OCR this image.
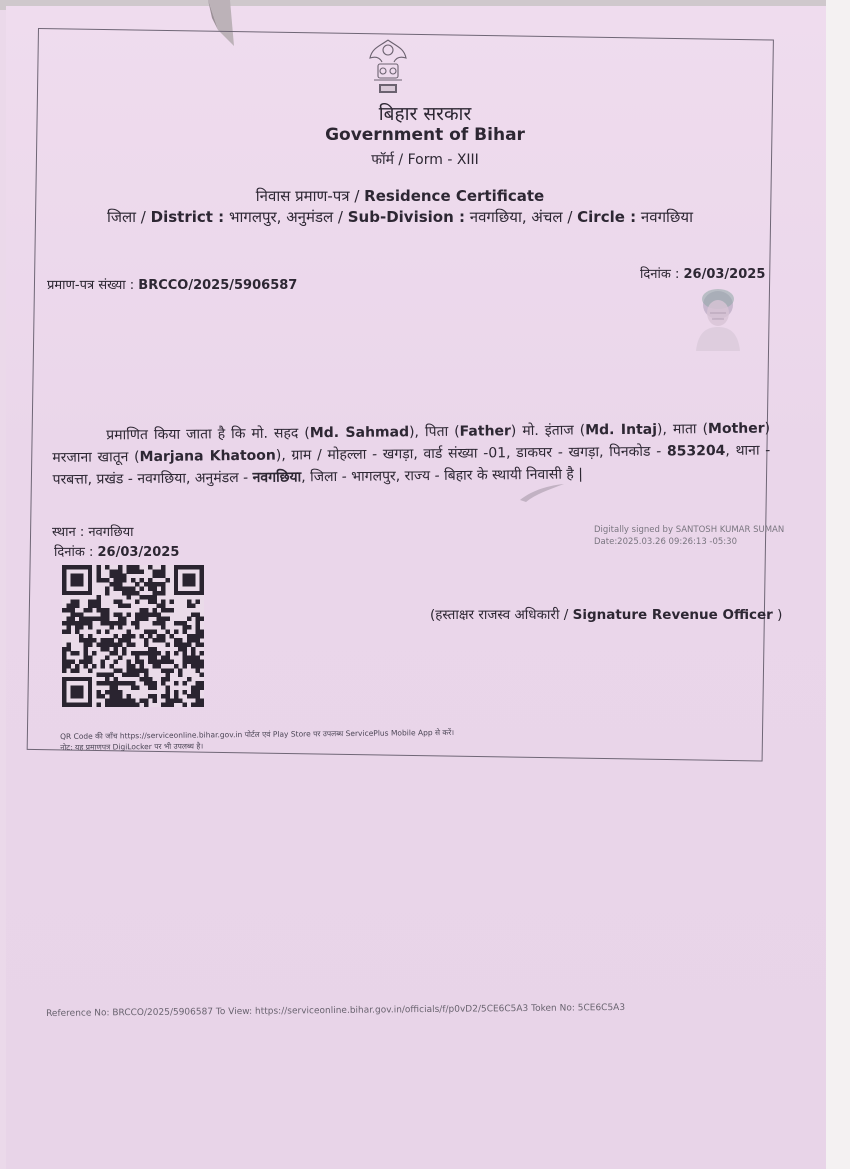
बिहार सरकार
Government of Bihar
फॉर्म / Form - XIII
निवास प्रमाण-पत्र / Residence Certificate
जिला / District : भागलपुर, अनुमंडल / Sub-Division : नवगछिया, अंचल / Circle : नवगछिया
प्रमाण-पत्र संख्या : BRCCO/2025/5906587
दिनांक : 26/03/2025
प्रमाणित किया जाता है कि मो. सहद (Md. Sahmad), पिता (Father) मो. इंताज (Md. Intaj), माता (Mother) मरजाना खातून (Marjana Khatoon), ग्राम / मोहल्ला - खगड़ा, वार्ड संख्या -01, डाकघर - खगड़ा, पिनकोड - 853204, थाना - परबत्ता, प्रखंड - नवगछिया, अनुमंडल - नवगछिया, जिला - भागलपुर, राज्य - बिहार के स्थायी निवासी है |
स्थान : नवगछिया
दिनांक : 26/03/2025
Digitally signed by SANTOSH KUMAR SUMAN
Date:2025.03.26 09:26:13 -05:30
(हस्ताक्षर राजस्व अधिकारी / Signature Revenue Officer )
QR Code की जाँच https://serviceonline.bihar.gov.in पोर्टल एवं Play Store पर उपलब्ध ServicePlus Mobile App से करें।
नोट: यह प्रमाणपत्र DigiLocker पर भी उपलब्ध है।
Reference No: BRCCO/2025/5906587 To View: https://serviceonline.bihar.gov.in/officials/f/p0vD2/5CE6C5A3 Token No: 5CE6C5A3
